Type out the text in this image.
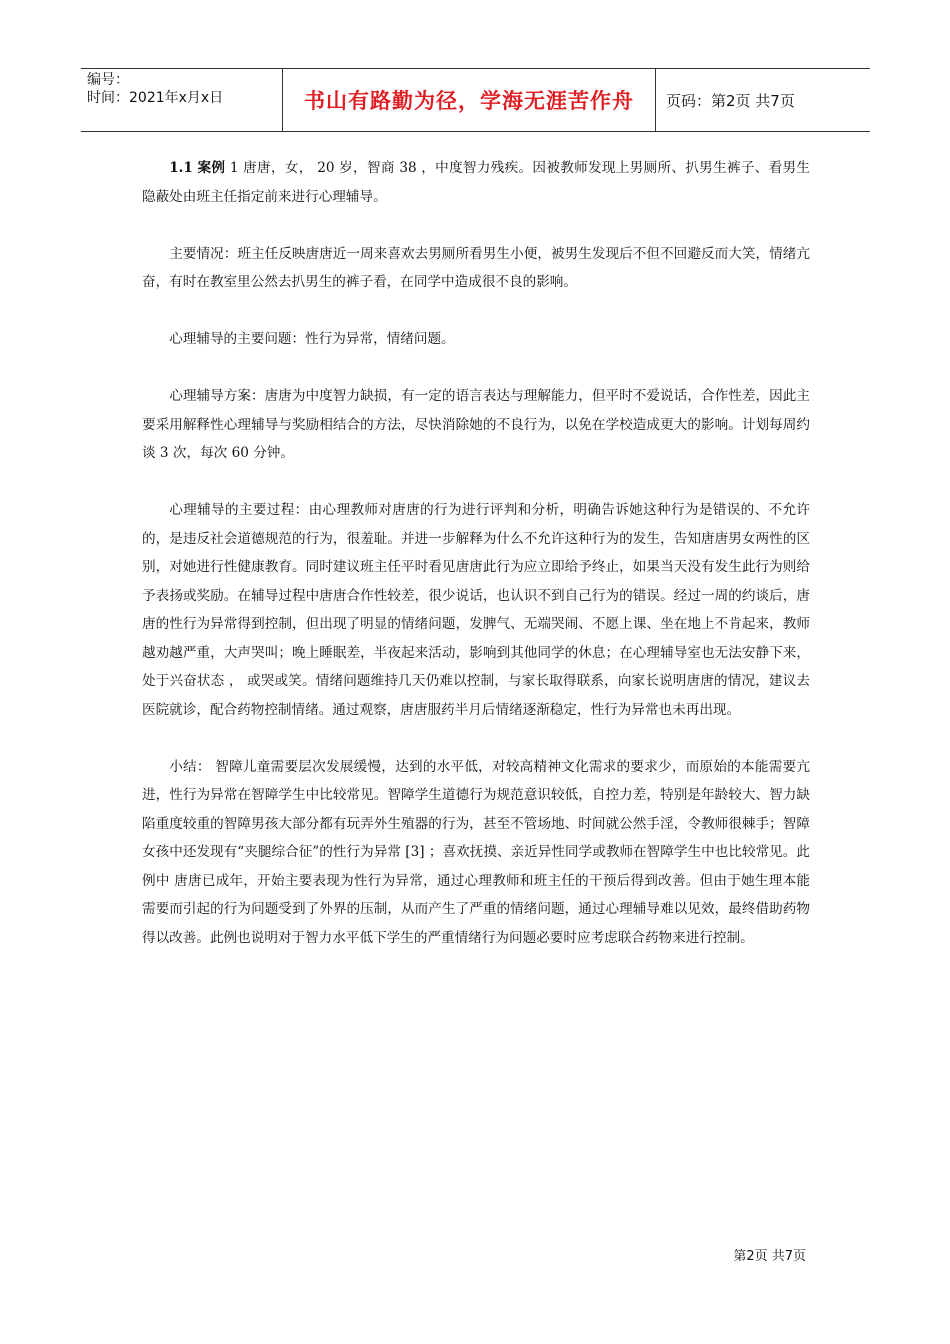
编号：
时间：2021年x月x日	书山有路勤为径，学海无涯苦作舟	页码：第2页 共7页

1.1 案例 1 唐唐，女， 20 岁，智商 38 ，中度智力残疾。因被教师发现上男厕所、扒男生裤子、看男生隐蔽处由班主任指定前来进行心理辅导。

主要情况：班主任反映唐唐近一周来喜欢去男厕所看男生小便，被男生发现后不但不回避反而大笑，情绪亢奋，有时在教室里公然去扒男生的裤子看，在同学中造成很不良的影响。

心理辅导的主要问题：性行为异常，情绪问题。

心理辅导方案：唐唐为中度智力缺损，有一定的语言表达与理解能力，但平时不爱说话，合作性差，因此主要采用解释性心理辅导与奖励相结合的方法，尽快消除她的不良行为，以免在学校造成更大的影响。计划每周约谈 3 次，每次 60 分钟。

心理辅导的主要过程：由心理教师对唐唐的行为进行评判和分析，明确告诉她这种行为是错误的、不允许的，是违反社会道德规范的行为，很羞耻。并进一步解释为什么不允许这种行为的发生，告知唐唐男女两性的区别，对她进行性健康教育。同时建议班主任平时看见唐唐此行为应立即给予终止，如果当天没有发生此行为则给予表扬或奖励。在辅导过程中唐唐合作性较差，很少说话，也认识不到自己行为的错误。经过一周的约谈后，唐唐的性行为异常得到控制，但出现了明显的情绪问题，发脾气、无端哭闹、不愿上课、坐在地上不肯起来，教师越劝越严重，大声哭叫；晚上睡眠差，半夜起来活动，影响到其他同学的休息；在心理辅导室也无法安静下来，处于兴奋状态 ， 或哭或笑。情绪问题维持几天仍难以控制，与家长取得联系，向家长说明唐唐的情况，建议去医院就诊，配合药物控制情绪。通过观察，唐唐服药半月后情绪逐渐稳定，性行为异常也未再出现。

小结： 智障儿童需要层次发展缓慢，达到的水平低，对较高精神文化需求的要求少，而原始的本能需要亢进，性行为异常在智障学生中比较常见。智障学生道德行为规范意识较低，自控力差，特别是年龄较大、智力缺陷重度较重的智障男孩大部分都有玩弄外生殖器的行为，甚至不管场地、时间就公然手淫，令教师很棘手；智障女孩中还发现有“夹腿综合征”的性行为异常 [3] ；喜欢抚摸、亲近异性同学或教师在智障学生中也比较常见。此例中 唐唐已成年，开始主要表现为性行为异常，通过心理教师和班主任的干预后得到改善。但由于她生理本能需要而引起的行为问题受到了外界的压制，从而产生了严重的情绪问题，通过心理辅导难以见效，最终借助药物得以改善。此例也说明对于智力水平低下学生的严重情绪行为问题必要时应考虑联合药物来进行控制。

第2页 共7页
